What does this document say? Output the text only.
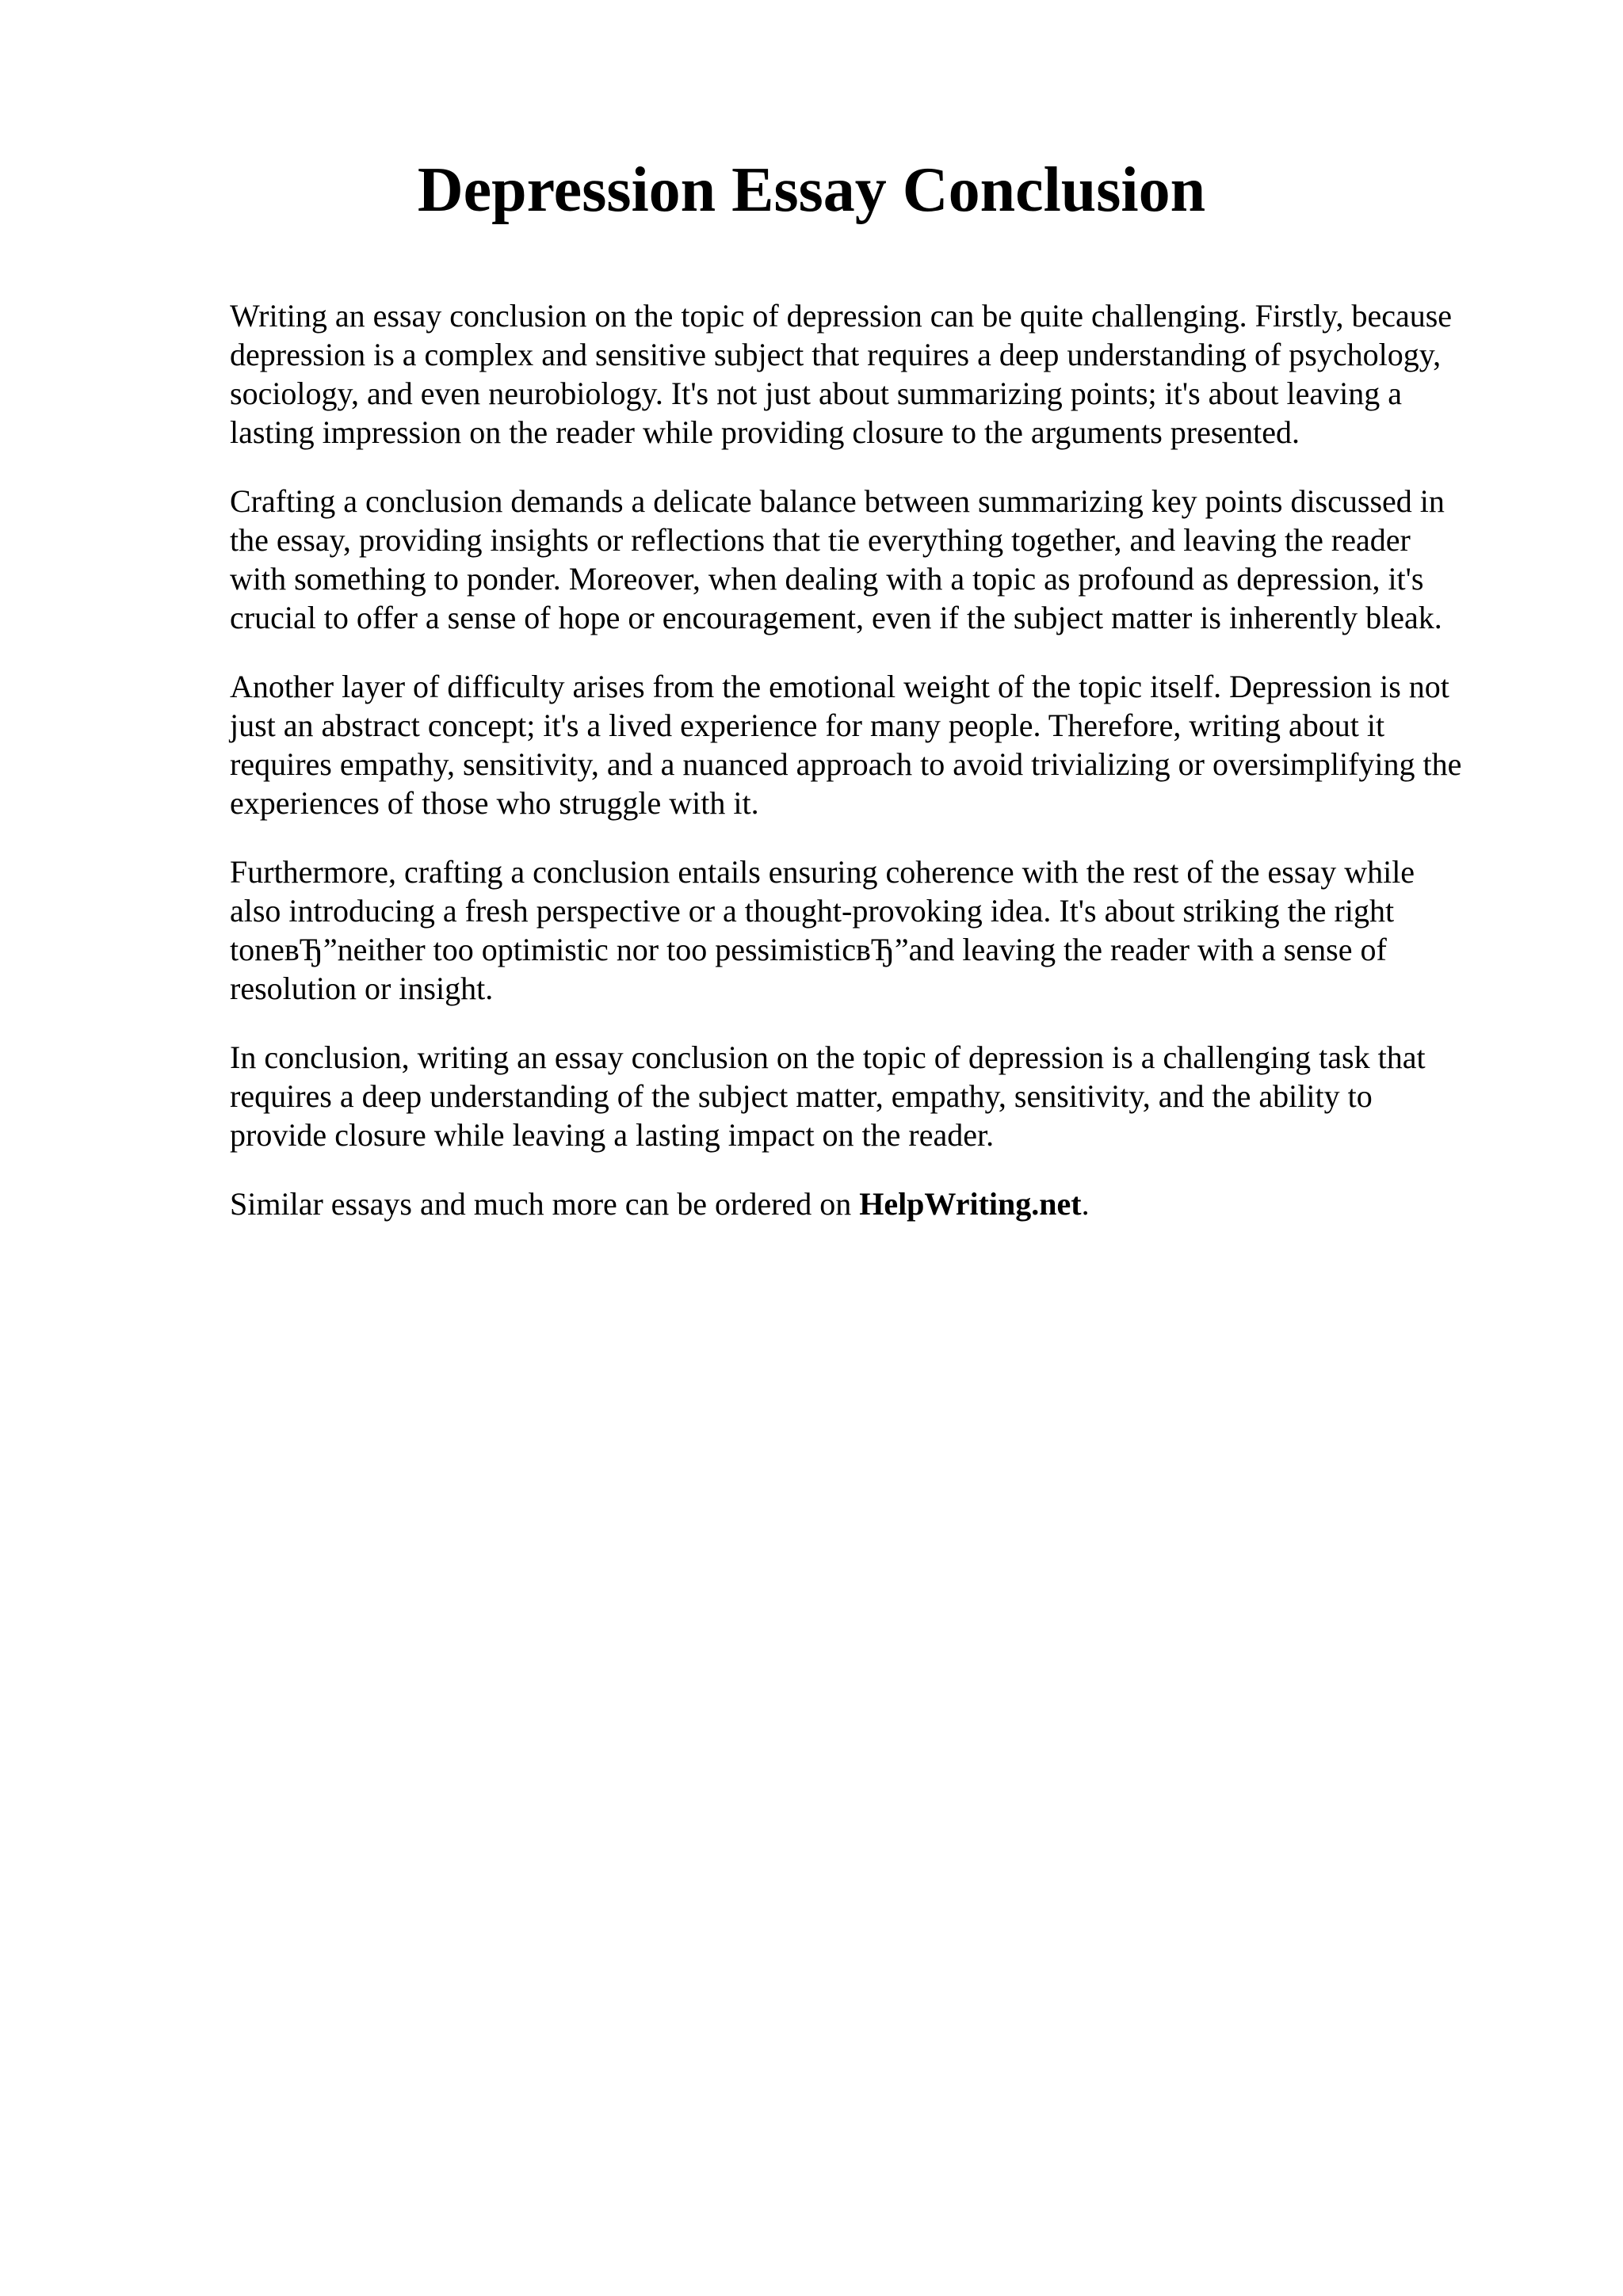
Depression Essay Conclusion

Writing an essay conclusion on the topic of depression can be quite challenging. Firstly, because
depression is a complex and sensitive subject that requires a deep understanding of psychology,
sociology, and even neurobiology. It's not just about summarizing points; it's about leaving a
lasting impression on the reader while providing closure to the arguments presented.

Crafting a conclusion demands a delicate balance between summarizing key points discussed in
the essay, providing insights or reflections that tie everything together, and leaving the reader
with something to ponder. Moreover, when dealing with a topic as profound as depression, it's
crucial to offer a sense of hope or encouragement, even if the subject matter is inherently bleak.

Another layer of difficulty arises from the emotional weight of the topic itself. Depression is not
just an abstract concept; it's a lived experience for many people. Therefore, writing about it
requires empathy, sensitivity, and a nuanced approach to avoid trivializing or oversimplifying the
experiences of those who struggle with it.

Furthermore, crafting a conclusion entails ensuring coherence with the rest of the essay while
also introducing a fresh perspective or a thought-provoking idea. It's about striking the right
toneвЂ”neither too optimistic nor too pessimisticвЂ”and leaving the reader with a sense of
resolution or insight.

In conclusion, writing an essay conclusion on the topic of depression is a challenging task that
requires a deep understanding of the subject matter, empathy, sensitivity, and the ability to
provide closure while leaving a lasting impact on the reader.

Similar essays and much more can be ordered on HelpWriting.net.
